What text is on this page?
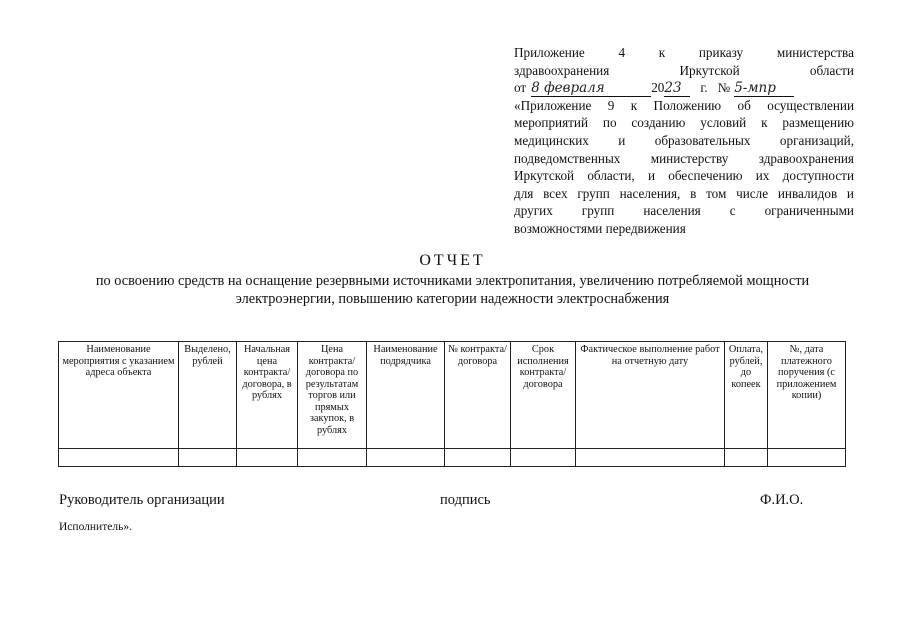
Приложение	4	к	приказу	министерства
здравоохранения	Иркутской	области
от 8 февраля	20 23	г. № 5-мпр
«Приложение 9 к Положению об осуществлении
мероприятий по созданию условий к размещению
медицинских и образовательных организаций,
подведомственных министерству здравоохранения
Иркутской области, и обеспечению их доступности
для всех групп населения, в том числе инвалидов и
других групп населения с ограниченными
возможностями передвижения
ОТЧЕТ
по освоению средств на оснащение резервными источниками электропитания, увеличению потребляемой мощности
электроэнергии, повышению категории надежности электроснабжения
Наименование мероприятия с указанием адреса объекта	Выделено, рублей	Начальная цена контракта/ договора, в рублях	Цена контракта/ договора по результатам торгов или прямых закупок, в рублях	Наименование подрядчика	№ контракта/ договора	Срок исполнения контракта/ договора	Фактическое выполнение работ на отчетную дату	Оплата, рублей, до копеек	№, дата платежного поручения (с приложением копии)

Руководитель организации	подпись	Ф.И.О.
Исполнитель».
